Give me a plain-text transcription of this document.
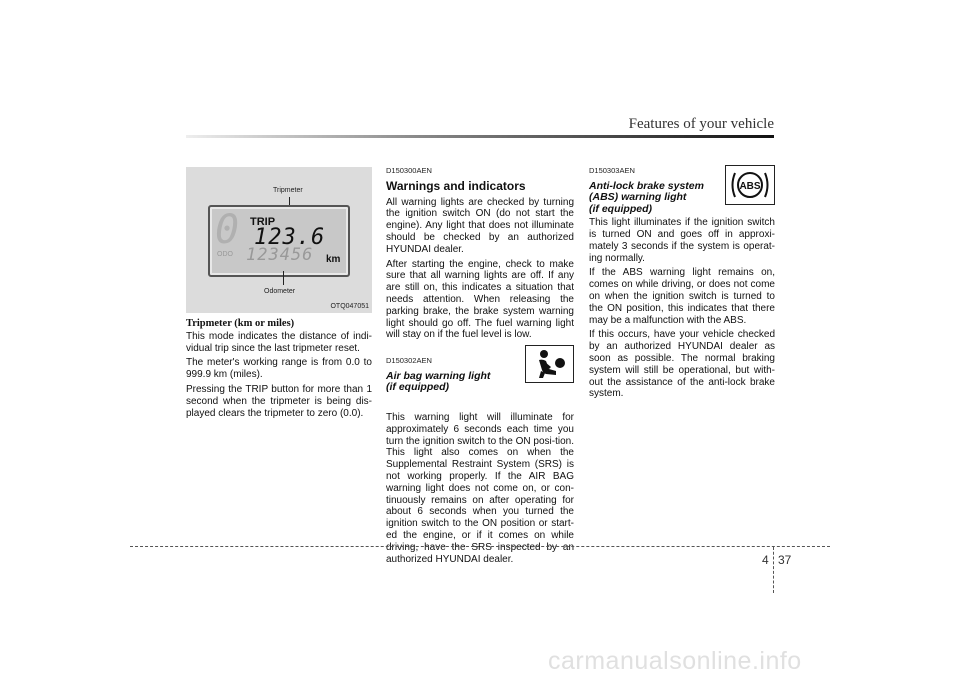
Features of your vehicle
Tripmeter
0 TRIP
123.6
ODO 123456 km
Odometer
OTQ047051
Tripmeter (km or miles)

This mode indicates the distance of indi-vidual trip since the last tripmeter reset.

The meter's working range is from 0.0 to 999.9 km (miles).

Pressing the TRIP button for more than 1 second when the tripmeter is being dis-played clears the tripmeter to zero (0.0).

D150300AEN
Warnings and indicators

All warning lights are checked by turning the ignition switch ON (do not start the engine). Any light that does not illuminate should be checked by an authorized HYUNDAI dealer.

After starting the engine, check to make sure that all warning lights are off. If any are still on, this indicates a situation that needs attention. When releasing the parking brake, the brake system warning light should go off. The fuel warning light will stay on if the fuel level is low.

D150302AEN
Air bag warning light
(if equipped)

This warning light will illuminate for approximately 6 seconds each time you turn the ignition switch to the ON posi-tion. This light also comes on when the Supplemental Restraint System (SRS) is not working properly. If the AIR BAG warning light does not come on, or con-tinuously remains on after operating for about 6 seconds when you turned the ignition switch to the ON position or start-ed the engine, or if it comes on while driving, have the SRS inspected by an authorized HYUNDAI dealer.

D150303AEN
Anti-lock brake system
(ABS) warning light
(if equipped)

This light illuminates if the ignition switch is turned ON and goes off in approxi-mately 3 seconds if the system is operat-ing normally.

If the ABS warning light remains on, comes on while driving, or does not come on when the ignition switch is turned to the ON position, this indicates that there may be a malfunction with the ABS.

If this occurs, have your vehicle checked by an authorized HYUNDAI dealer as soon as possible. The normal braking system will still be operational, but with-out the assistance of the anti-lock brake system.

ABS
4 37
carmanualsonline.info
